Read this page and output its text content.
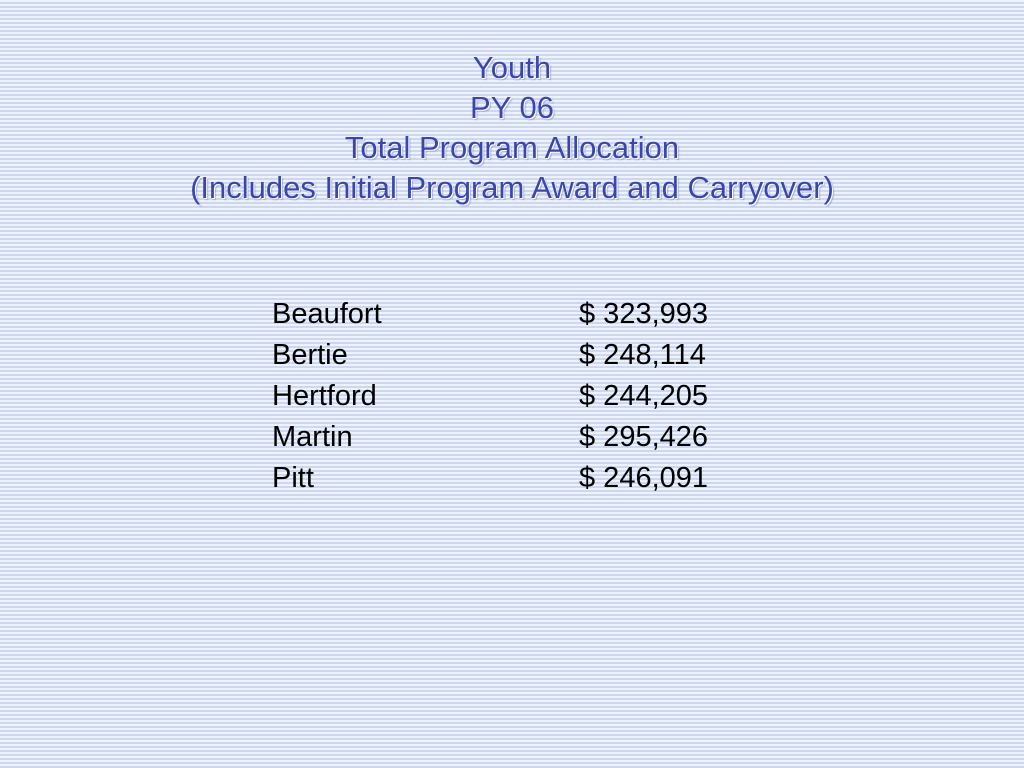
Youth
PY 06
Total Program Allocation
(Includes Initial Program Award and Carryover)
Beaufort	$ 323,993
Bertie	$ 248,114
Hertford	$ 244,205
Martin	$ 295,426
Pitt	$ 246,091
